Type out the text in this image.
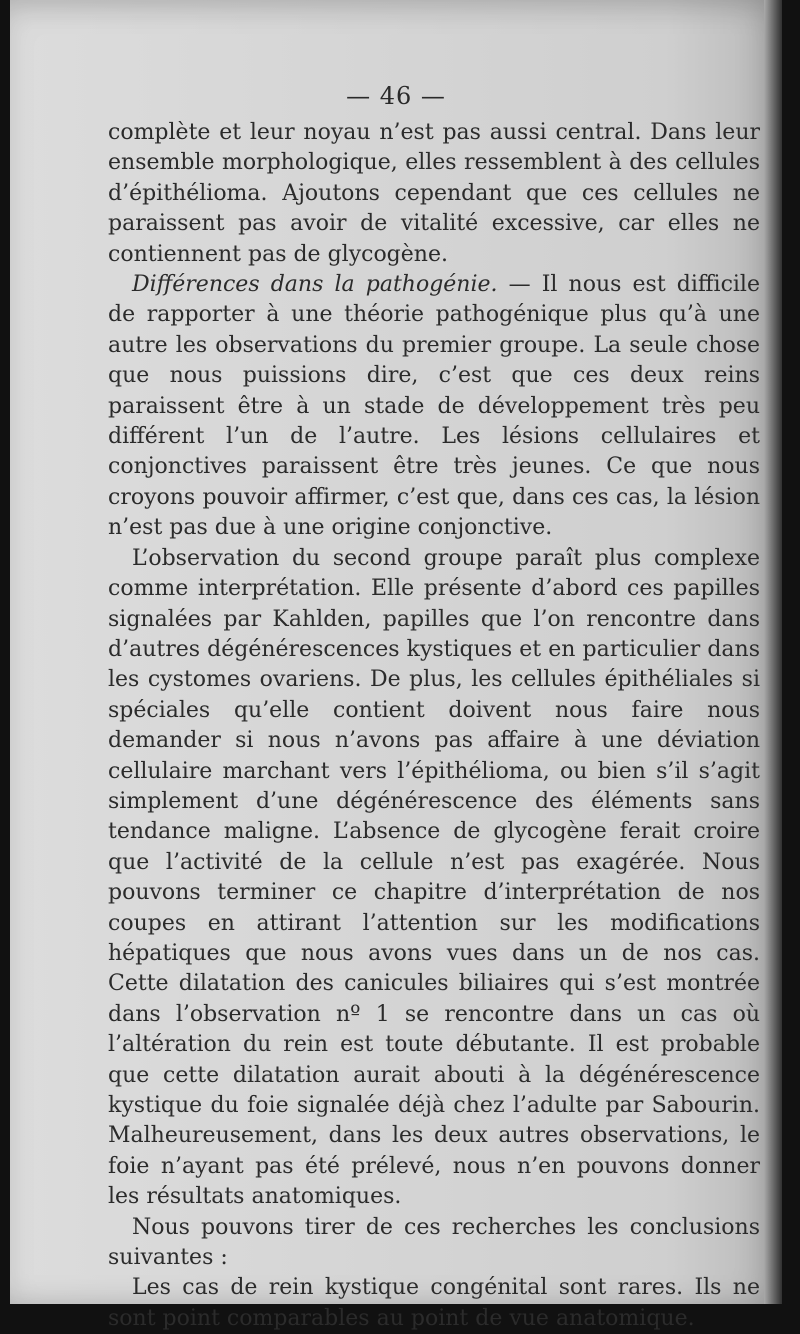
— 46 —

complète et leur noyau n’est pas aussi central. Dans leur ensemble morphologique, elles ressemblent à des cellules d’épithélioma. Ajoutons cependant que ces cellules ne paraissent pas avoir de vitalité excessive, car elles ne contiennent pas de glycogène.

Différences dans la pathogénie. — Il nous est difficile de rapporter à une théorie pathogénique plus qu’à une autre les observations du premier groupe. La seule chose que nous puissions dire, c’est que ces deux reins paraissent être à un stade de développement très peu différent l’un de l’autre. Les lésions cellulaires et conjonctives paraissent être très jeunes. Ce que nous croyons pouvoir affirmer, c’est que, dans ces cas, la lésion n’est pas due à une origine conjonctive.

L’observation du second groupe paraît plus complexe comme interprétation. Elle présente d’abord ces papilles signalées par Kahlden, papilles que l’on rencontre dans d’autres dégénérescences kystiques et en particulier dans les cystomes ovariens. De plus, les cellules épithéliales si spéciales qu’elle contient doivent nous faire nous demander si nous n’avons pas affaire à une déviation cellulaire marchant vers l’épithélioma, ou bien s’il s’agit simplement d’une dégénérescence des éléments sans tendance maligne. L’absence de glycogène ferait croire que l’activité de la cellule n’est pas exagérée. Nous pouvons terminer ce chapitre d’interprétation de nos coupes en attirant l’attention sur les modifications hépatiques que nous avons vues dans un de nos cas. Cette dilatation des canicules biliaires qui s’est montrée dans l’observation nº 1 se rencontre dans un cas où l’altération du rein est toute débutante. Il est probable que cette dilatation aurait abouti à la dégénérescence kystique du foie signalée déjà chez l’adulte par Sabourin. Malheureusement, dans les deux autres observations, le foie n’ayant pas été prélevé, nous n’en pouvons donner les résultats anatomiques.

Nous pouvons tirer de ces recherches les conclusions suivantes :

Les cas de rein kystique congénital sont rares. Ils ne sont point comparables au point de vue anatomique.
